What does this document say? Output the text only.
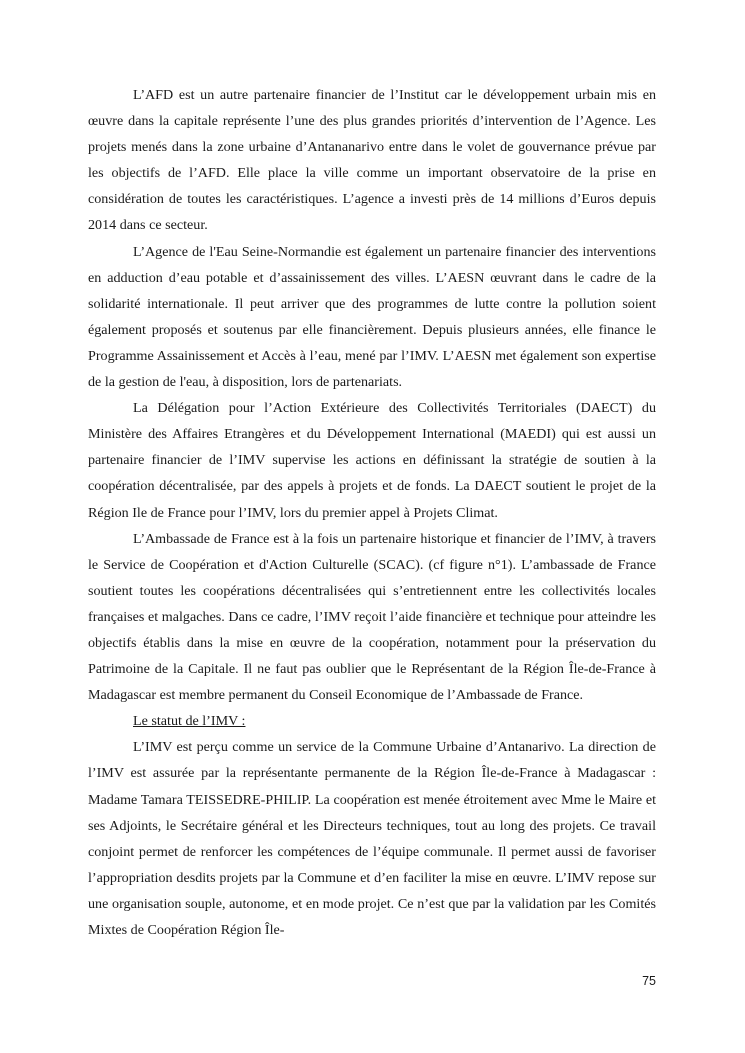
L’AFD est un autre partenaire financier de l’Institut car le développement urbain mis en œuvre dans la capitale représente l’une des plus grandes priorités d’intervention de l’Agence. Les projets menés dans la zone urbaine d’Antananarivo entre dans le volet de gouvernance prévue par les objectifs de l’AFD. Elle place la ville comme un important observatoire de la prise en considération de toutes les caractéristiques. L’agence a investi près de 14 millions d’Euros depuis 2014 dans ce secteur.

L’Agence de l'Eau Seine-Normandie est également un partenaire financier des interventions en adduction d’eau potable et d’assainissement des villes. L’AESN œuvrant dans le cadre de la solidarité internationale. Il peut arriver que des programmes de lutte contre la pollution soient également proposés et soutenus par elle financièrement. Depuis plusieurs années, elle finance le Programme Assainissement et Accès à l’eau, mené par l’IMV. L’AESN met également son expertise de la gestion de l'eau, à disposition, lors de partenariats.

La Délégation pour l’Action Extérieure des Collectivités Territoriales (DAECT) du Ministère des Affaires Etrangères et du Développement International (MAEDI) qui est aussi un partenaire financier de l’IMV supervise les actions en définissant la stratégie de soutien à la coopération décentralisée, par des appels à projets et de fonds. La DAECT soutient le projet de la Région Ile de France pour l’IMV, lors du premier appel à Projets Climat.

L’Ambassade de France est à la fois un partenaire historique et financier de l’IMV, à travers le Service de Coopération et d'Action Culturelle (SCAC). (cf figure n°1). L’ambassade de France soutient toutes les coopérations décentralisées qui s’entretiennent entre les collectivités locales françaises et malgaches. Dans ce cadre, l’IMV reçoit l’aide financière et technique pour atteindre les objectifs établis dans la mise en œuvre de la coopération, notamment pour la préservation du Patrimoine de la Capitale. Il ne faut pas oublier que le Représentant de la Région Île-de-France à Madagascar est membre permanent du Conseil Economique de l’Ambassade de France.

Le statut de l’IMV :

L’IMV est perçu comme un service de la Commune Urbaine d’Antanarivo. La direction de l’IMV est assurée par la représentante permanente de la Région Île-de-France à Madagascar : Madame Tamara TEISSEDRE-PHILIP. La coopération est menée étroitement avec Mme le Maire et ses Adjoints, le Secrétaire général et les Directeurs techniques, tout au long des projets. Ce travail conjoint permet de renforcer les compétences de l’équipe communale. Il permet aussi de favoriser l’appropriation desdits projets par la Commune et d’en faciliter la mise en œuvre. L’IMV repose sur une organisation souple, autonome, et en mode projet. Ce n’est que par la validation par les Comités Mixtes de Coopération Région Île-

75
